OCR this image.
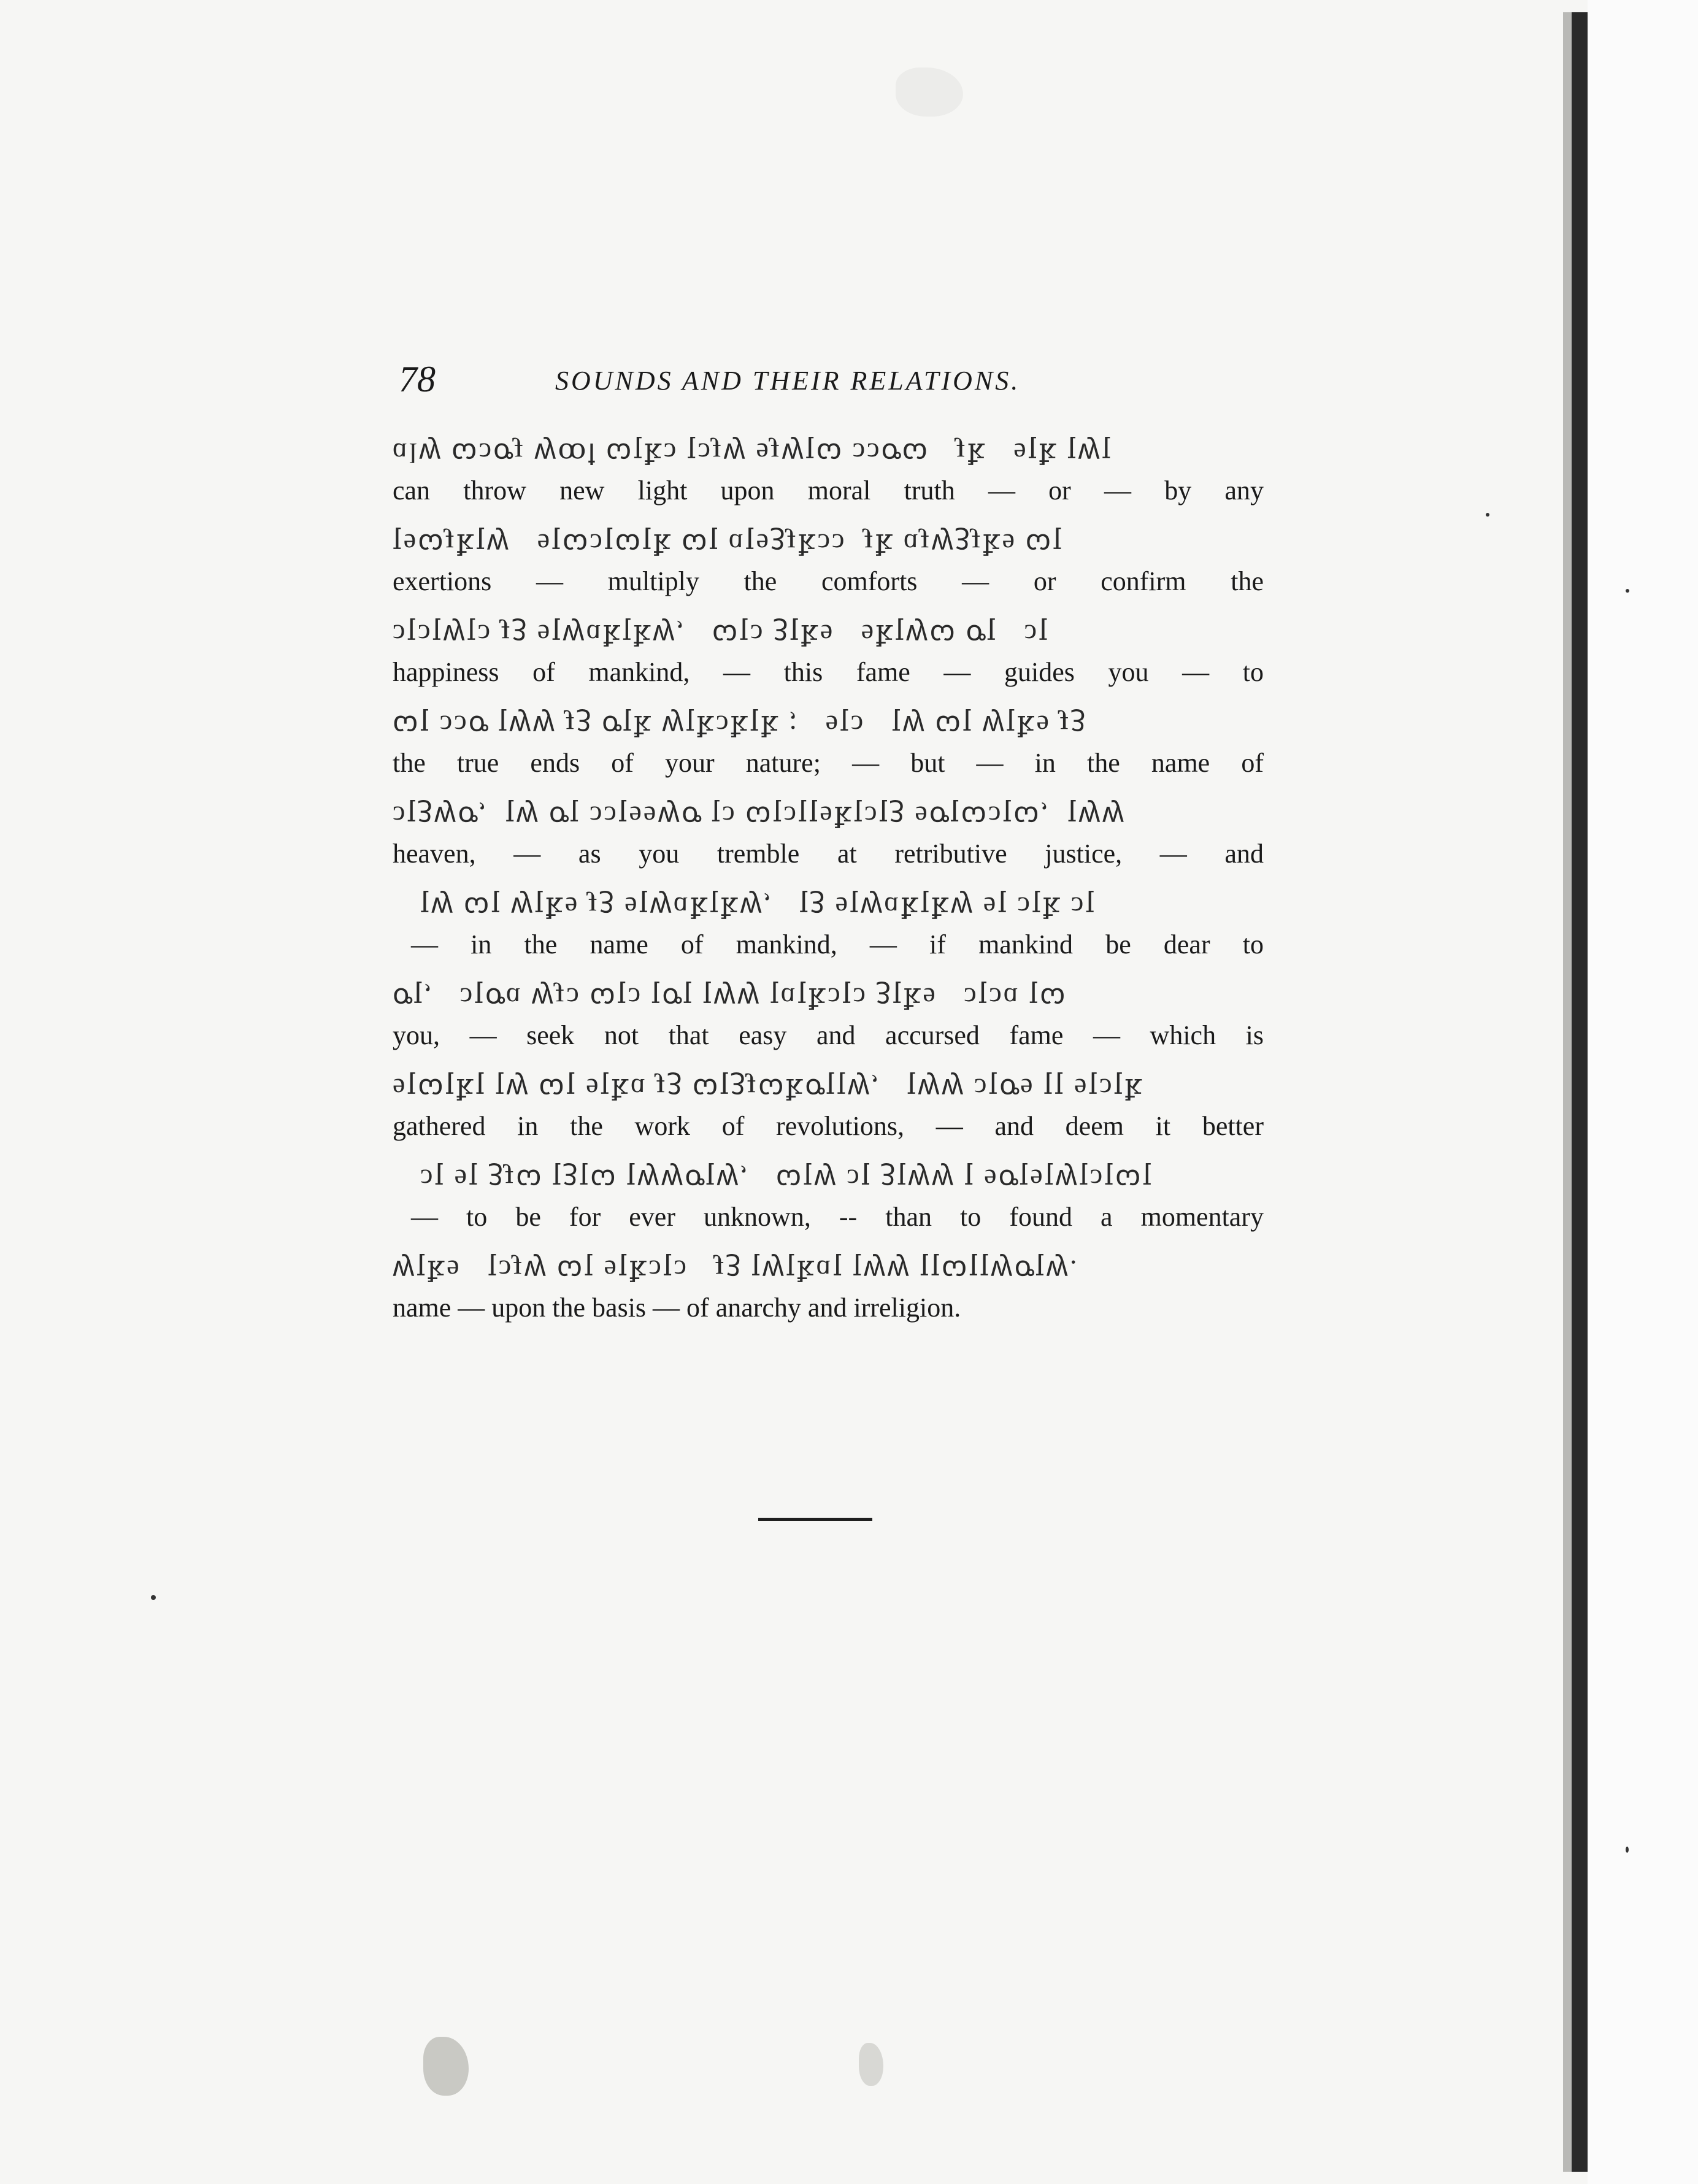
78	SOUNDS AND THEIR RELATIONS.
ɑlꝡ ꞷɔꝍɟ ꝡꝏꝉ ꞷꞁꝁɔ ꞁɔɟꝡ ɘɟꝡꞁꞷ ɔɔꝍꞷ   ɟꝁ   ɘꞁꝁ ꞁꝡꞁ
can throw new light upon moral truth — or — by any
ꞁɘꞷɟꝁꞁꝡ   ɘꞁꞷɔꞁꞷꞁꝁ ꞷꞁ ɑꞁɘꝫɟꝁɔɔ  ɟꝁ ɑɟꝡꝫɟꝁɘ ꞷꞁ
exertions — multiply the comforts — or confirm the
ɔꞁɔꞁꝡꞁɔ ɟꝫ ɘꞁꝡɑꝁꞁꝁꝡ,   ꞷꞁɔ ꝫꞁꝁɘ   ɘꝁꞁꝡꞷ ꝍꞁ   ɔꞁ
happiness of mankind, — this fame — guides you — to
ꞷꞁ ɔɔꝍ ꞁꝡꝡ ɟꝫ ꝍꞁꝁ ꝡꞁꝁɔꝁꞁꝁ ;   ɘꞁɔ   ꞁꝡ ꞷꞁ ꝡꞁꝁɘ ɟꝫ
the true ends of your nature; — but — in the name of
ɔꞁꝫꝡꝍ,  ꞁꝡ ꝍꞁ ɔɔꞁɘɘꝡꝍ ꞁɔ ꞷꞁɔꞁꞁɘꝁꞁɔꞁꝫ ɘꝍꞁꞷɔꞁꞷ,  ꞁꝡꝡ
heaven, — as you tremble at retributive justice, — and
ꞁꝡ ꞷꞁ ꝡꞁꝁɘ ɟꝫ ɘꞁꝡɑꝁꞁꝁꝡ,   ꞁꝫ ɘꞁꝡɑꝁꞁꝁꝡ ɘꞁ ɔꞁꝁ ɔꞁ
— in the name of mankind, — if mankind be dear to
ꝍꞁ,   ɔꞁꝍɑ ꝡɟɔ ꞷꞁɔ ꞁꝍꞁ ꞁꝡꝡ ꞁɑꞁꝁɔꞁɔ ꝫꞁꝁɘ   ɔꞁɔɑ ꞁꞷ
you, — seek not that easy and accursed fame — which is
ɘꞁꞷꞁꝁꞁ ꞁꝡ ꞷꞁ ɘꞁꝁɑ ɟꝫ ꞷꞁꝫɟꞷꝁꝍꞁꞁꝡ,   ꞁꝡꝡ ɔꞁꝍɘ ꞁꞁ ɘꞁɔꞁꝁ
gathered in the work of revolutions, — and deem it better
ɔꞁ ɘꞁ ꝫɟꞷ ꞁꝫꞁꞷ ꞁꝡꝡꝍꞁꝡ,   ꞷꞁꝡ ɔꞁ ꝫꞁꝡꝡ ꞁ ɘꝍꞁɘꞁꝡꞁɔꞁꞷꞁ
— to be for ever unknown, -- than to found a momentary
ꝡꞁꝁɘ   ꞁɔɟꝡ ꞷꞁ ɘꞁꝁɔꞁɔ   ɟꝫ ꞁꝡꞁꝁɑꞁ ꞁꝡꝡ ꞁꞁꞷꞁꞁꝡꝍꞁꝡ.
name — upon the basis — of anarchy and irreligion.
